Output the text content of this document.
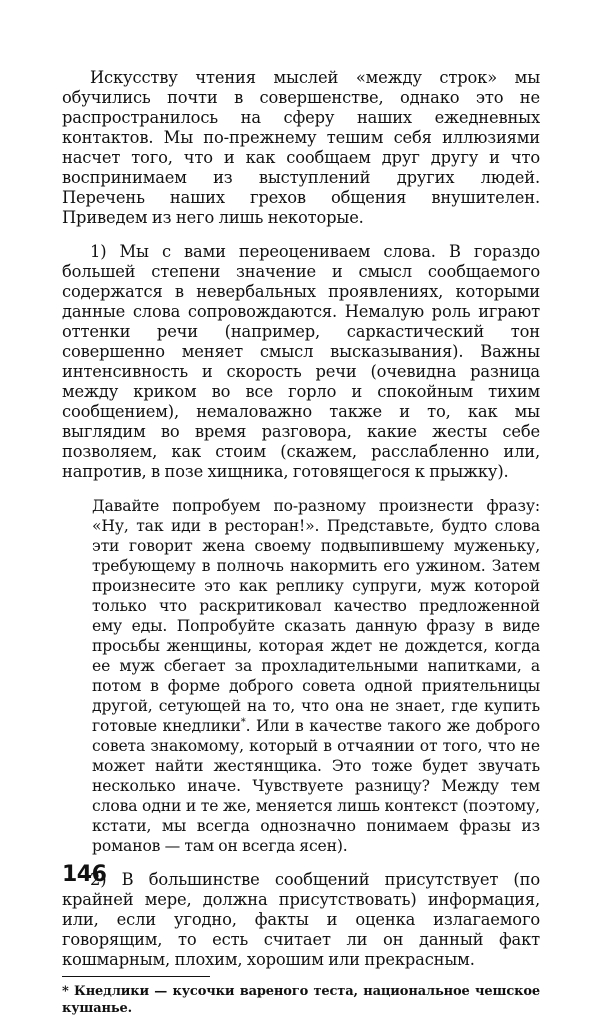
Искусству чтения мыслей «между строк» мы обучились почти в совершенстве, однако это не распространилось на сферу наших ежедневных контактов. Мы по-прежнему тешим себя иллюзиями насчет того, что и как сообщаем друг другу и что воспринимаем из выступлений других людей. Перечень наших грехов общения внушителен. Приведем из него лишь некоторые.

1) Мы с вами переоцениваем слова. В гораздо большей степени значение и смысл сообщаемого содержатся в невербальных проявлениях, которыми данные слова сопровождаются. Немалую роль играют оттенки речи (например, саркастический тон совершенно меняет смысл высказывания). Важны интенсивность и скорость речи (очевидна разница между криком во все горло и спокойным тихим сообщением), немаловажно также и то, как мы выглядим во время разговора, какие жесты себе позволяем, как стоим (скажем, расслабленно или, напротив, в позе хищника, готовящегося к прыжку).

Давайте попробуем по-разному произнести фразу: «Ну, так иди в ресторан!». Представьте, будто слова эти говорит жена своему подвыпившему муженьку, требующему в полночь накормить его ужином. Затем произнесите это как реплику супруги, муж которой только что раскритиковал качество предложенной ему еды. Попробуйте сказать данную фразу в виде просьбы женщины, которая ждет не дождется, когда ее муж сбегает за прохладительными напитками, а потом в форме доброго совета одной приятельницы другой, сетующей на то, что она не знает, где купить готовые кнедлики*. Или в качестве такого же доброго совета знакомому, который в отчаянии от того, что не может найти жестянщика. Это тоже будет звучать несколько иначе. Чувствуете разницу? Между тем слова одни и те же, меняется лишь контекст (поэтому, кстати, мы всегда однозначно понимаем фразы из романов — там он всегда ясен).

2) В большинстве сообщений присутствует (по крайней мере, должна присутствовать) информация, или, если угодно, факты и оценка излагаемого говорящим, то есть считает ли он данный факт кошмарным, плохим, хорошим или прекрасным.

* Кнедлики — кусочки вареного теста, национальное чешское кушанье.

146
